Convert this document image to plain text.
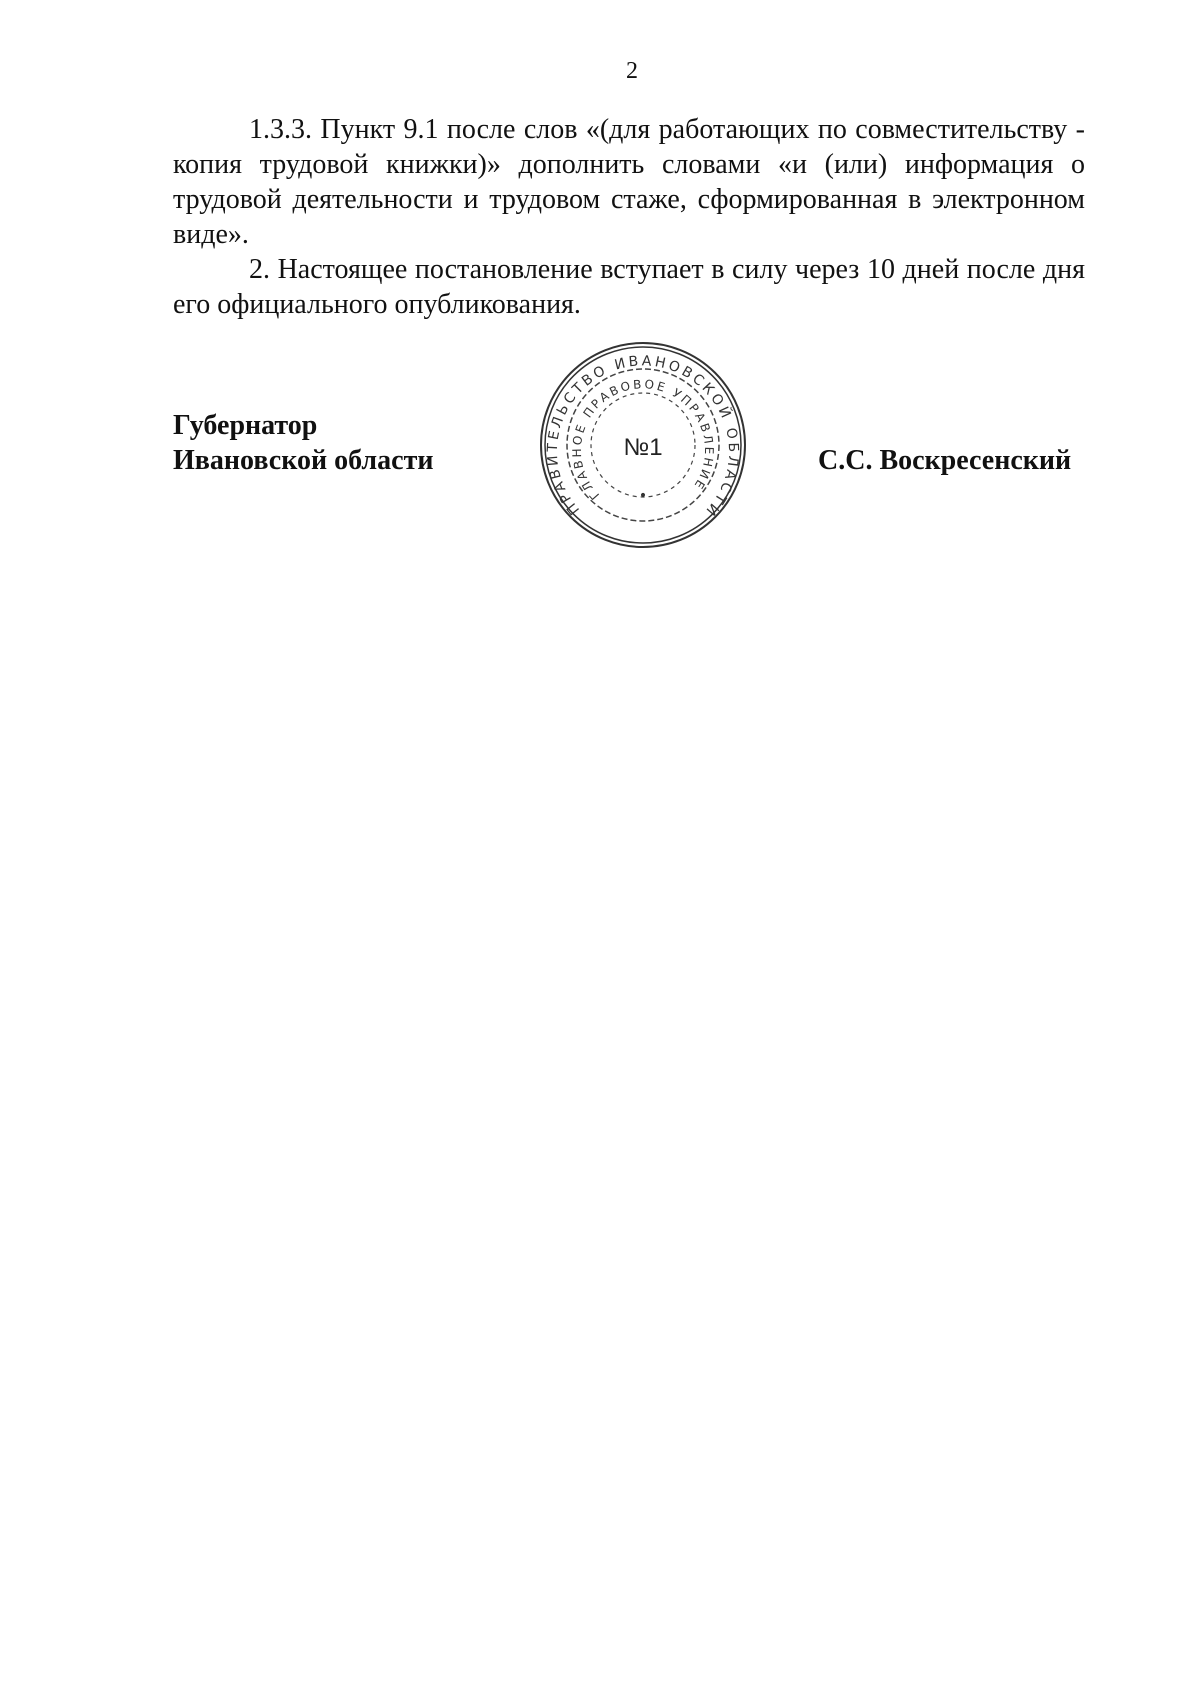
2

1.3.3. Пункт 9.1 после слов «(для работающих по совместительству - копия трудовой книжки)» дополнить словами «и (или) информация о трудовой деятельности и трудовом стаже, сформированная в электронном виде».

2. Настоящее постановление вступает в силу через 10 дней после дня его официального опубликования.

Губернатор
Ивановской области
ПРАВИТЕЛЬСТВО ИВАНОВСКОЙ ОБЛАСТИ
ГЛАВНОЕ ПРАВОВОЕ УПРАВЛЕНИЕ
№1
•
С.С. Воскресенский
